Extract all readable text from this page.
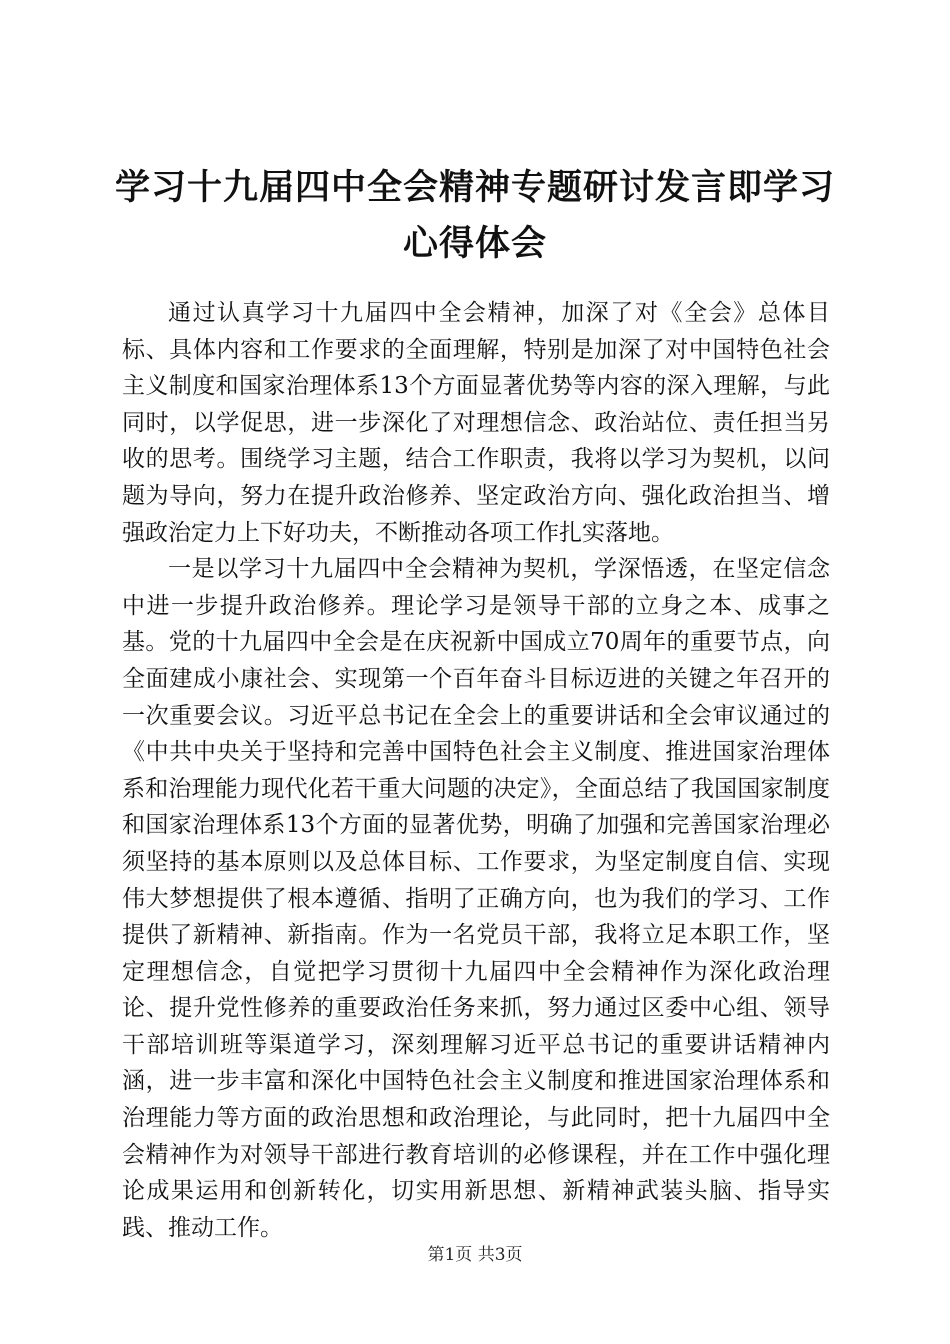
学习十九届四中全会精神专题研讨发言即学习
心得体会

通过认真学习十九届四中全会精神，加深了对《全会》总体目标、具体内容和工作要求的全面理解，特别是加深了对中国特色社会主义制度和国家治理体系13个方面显著优势等内容的深入理解，与此同时，以学促思，进一步深化了对理想信念、政治站位、责任担当另收的思考。围绕学习主题，结合工作职责，我将以学习为契机，以问题为导向，努力在提升政治修养、坚定政治方向、强化政治担当、增强政治定力上下好功夫，不断推动各项工作扎实落地。

一是以学习十九届四中全会精神为契机，学深悟透，在坚定信念中进一步提升政治修养。理论学习是领导干部的立身之本、成事之基。党的十九届四中全会是在庆祝新中国成立70周年的重要节点，向全面建成小康社会、实现第一个百年奋斗目标迈进的关键之年召开的一次重要会议。习近平总书记在全会上的重要讲话和全会审议通过的《中共中央关于坚持和完善中国特色社会主义制度、推进国家治理体系和治理能力现代化若干重大问题的决定》，全面总结了我国国家制度和国家治理体系13个方面的显著优势，明确了加强和完善国家治理必须坚持的基本原则以及总体目标、工作要求，为坚定制度自信、实现伟大梦想提供了根本遵循、指明了正确方向，也为我们的学习、工作提供了新精神、新指南。作为一名党员干部，我将立足本职工作，坚定理想信念，自觉把学习贯彻十九届四中全会精神作为深化政治理论、提升党性修养的重要政治任务来抓，努力通过区委中心组、领导干部培训班等渠道学习，深刻理解习近平总书记的重要讲话精神内涵，进一步丰富和深化中国特色社会主义制度和推进国家治理体系和治理能力等方面的政治思想和政治理论，与此同时，把十九届四中全会精神作为对领导干部进行教育培训的必修课程，并在工作中强化理论成果运用和创新转化，切实用新思想、新精神武装头脑、指导实践、推动工作。

第1页 共3页
